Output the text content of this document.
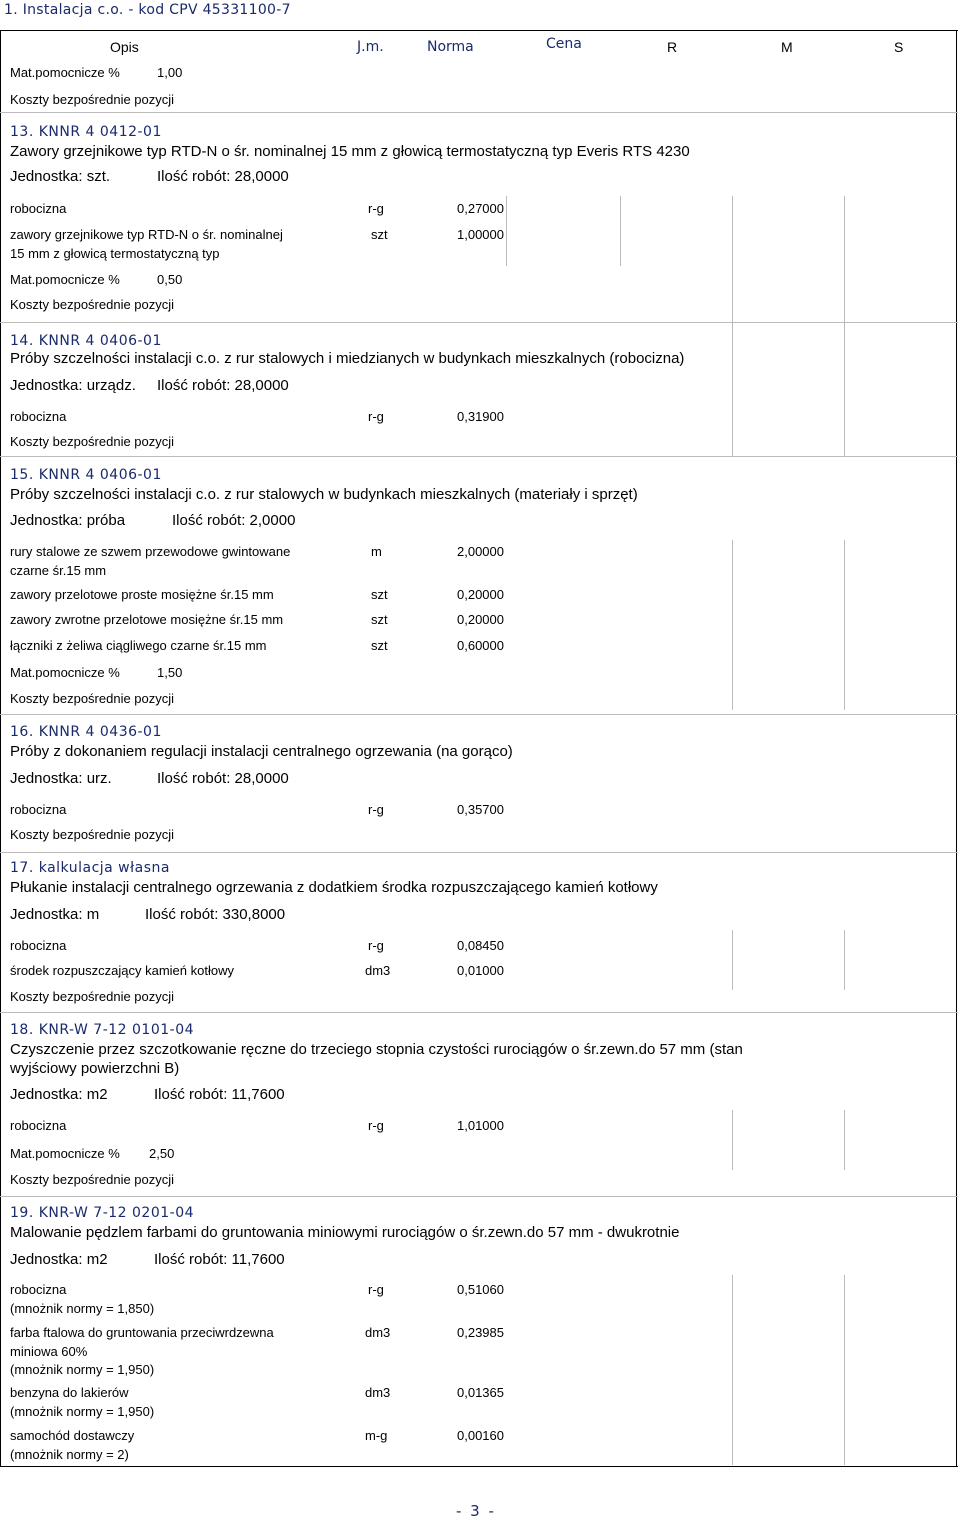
1. Instalacja c.o. - kod CPV 45331100-7
Opis	J.m.	Norma	Cena	R	M	S
Mat.pomocnicze %	1,00
Koszty bezpośrednie pozycji
13. KNNR 4 0412-01
Zawory grzejnikowe typ RTD-N o śr. nominalnej 15 mm z głowicą termostatyczną typ Everis RTS 4230
Jednostka: szt.	Ilość robót: 28,0000
robocizna	r-g	0,27000
zawory grzejnikowe typ RTD-N o śr. nominalnej
15 mm z głowicą termostatyczną typ
szt	1,00000
Mat.pomocnicze %	0,50
Koszty bezpośrednie pozycji
14. KNNR 4 0406-01
Próby szczelności instalacji c.o. z rur stalowych i miedzianych w budynkach mieszkalnych (robocizna)
Jednostka: urządz. Ilość robót: 28,0000
robocizna	r-g	0,31900
Koszty bezpośrednie pozycji
15. KNNR 4 0406-01
Próby szczelności instalacji c.o. z rur stalowych w budynkach mieszkalnych (materiały i sprzęt)
Jednostka: próba	Ilość robót: 2,0000
rury stalowe ze szwem przewodowe gwintowane
czarne śr.15 mm
m	2,00000
zawory przelotowe proste mosiężne śr.15 mm	szt	0,20000
zawory zwrotne przelotowe mosiężne śr.15 mm	szt	0,20000
łączniki z żeliwa ciągliwego czarne śr.15 mm	szt	0,60000
Mat.pomocnicze %	1,50
Koszty bezpośrednie pozycji
16. KNNR 4 0436-01
Próby z dokonaniem regulacji instalacji centralnego ogrzewania (na gorąco)
Jednostka: urz.	Ilość robót: 28,0000
robocizna	r-g	0,35700
Koszty bezpośrednie pozycji
17. kalkulacja własna
Płukanie instalacji centralnego ogrzewania z dodatkiem środka rozpuszczającego kamień kotłowy
Jednostka: m	Ilość robót: 330,8000
robocizna	r-g	0,08450
środek rozpuszczający kamień kotłowy	dm3	0,01000
Koszty bezpośrednie pozycji
18. KNR-W 7-12 0101-04
Czyszczenie przez szczotkowanie ręczne do trzeciego stopnia czystości rurociągów o śr.zewn.do 57 mm (stan
wyjściowy powierzchni B)
Jednostka: m2	Ilość robót: 11,7600
robocizna	r-g	1,01000
Mat.pomocnicze % 2,50
Koszty bezpośrednie pozycji
19. KNR-W 7-12 0201-04
Malowanie pędzlem farbami do gruntowania miniowymi rurociągów o śr.zewn.do 57 mm - dwukrotnie
Jednostka: m2	Ilość robót: 11,7600
robocizna
(mnożnik normy = 1,850)
r-g	0,51060
farba ftalowa do gruntowania przeciwrdzewna
miniowa 60%
(mnożnik normy = 1,950)
dm3	0,23985
benzyna do lakierów
(mnożnik normy = 1,950)
dm3	0,01365
samochód dostawczy
(mnożnik normy = 2)
m-g	0,00160
- 3 -
